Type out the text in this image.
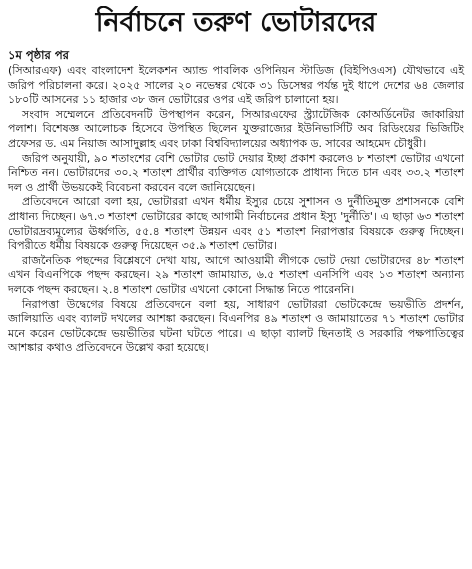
নির্বাচনে তরুণ ভোটারদের
১ম পৃষ্ঠার পর

(সিআরএফ) এবং বাংলাদেশ ইলেকশন অ্যান্ড পাবলিক ওপিনিয়ন স্টাডিজ (বিইপিওএস) যৌথভাবে এই জরিপ পরিচালনা করে। ২০২৫ সালের ২০ নভেম্বর থেকে ৩১ ডিসেম্বর পর্যন্ত দুই ধাপে দেশের ৬৪ জেলার ১৮০টি আসনের ১১ হাজার ৩৮ জন ভোটারের ওপর এই জরিপ চালানো হয়।

সংবাদ সম্মেলনে প্রতিবেদনটি উপস্থাপন করেন, সিআরএফের স্ট্র্যাটেজিক কোঅর্ডিনেটর জাকারিয়া পলাশ। বিশেষজ্ঞ আলোচক হিসেবে উপস্থিত ছিলেন যুক্তরাজ্যের ইউনিভার্সিটি অব রিডিংয়ের ভিজিটিং প্রফেসর ড. এম নিয়াজ আসাদুল্লাহ এবং ঢাকা বিশ্ববিদ্যালয়ের অধ্যাপক ড. সাবের আহমেদ চৌধুরী।

জরিপ অনুযায়ী, ৯০ শতাংশের বেশি ভোটার ভোট দেয়ার ইচ্ছা প্রকাশ করলেও ৮ শতাংশ ভোটার এখনো নিশ্চিত নন। ভোটারদের ৩০.২ শতাংশ প্রার্থীর ব্যক্তিগত যোগ্যতাকে প্রাধান্য দিতে চান এবং ৩৩.২ শতাংশ দল ও প্রার্থী উভয়কেই বিবেচনা করবেন বলে জানিয়েছেন।

প্রতিবেদনে আরো বলা হয়, ভোটাররা এখন ধর্মীয় ইস্যুর চেয়ে সুশাসন ও দুর্নীতিমুক্ত প্রশাসনকে বেশি প্রাধান্য দিচ্ছেন। ৬৭.৩ শতাংশ ভোটারের কাছে আগামী নির্বাচনের প্রধান ইস্যু 'দুর্নীতি'। এ ছাড়া ৬৩ শতাংশ ভোটারদ্রব্যমূল্যের ঊর্ধ্বগতি, ৫৫.৪ শতাংশ উন্নয়ন এবং ৫১ শতাংশ নিরাপত্তার বিষয়কে গুরুত্ব দিচ্ছেন। বিপরীতে ধর্মীয় বিষয়কে গুরুত্ব দিয়েছেন ৩৫.৯ শতাংশ ভোটার।

রাজনৈতিক পছন্দের বিশ্লেষণে দেখা যায়, আগে আওয়ামী লীগকে ভোট দেয়া ভোটারদের ৪৮ শতাংশ এখন বিএনপিকে পছন্দ করছেন। ২৯ শতাংশ জামায়াত, ৬.৫ শতাংশ এনসিপি এবং ১৩ শতাংশ অন্যান্য দলকে পছন্দ করছেন। ২.৪ শতাংশ ভোটার এখনো কোনো সিদ্ধান্ত নিতে পারেননি।

নিরাপত্তা উদ্বেগের বিষয়ে প্রতিবেদনে বলা হয়, সাধারণ ভোটাররা ভোটকেন্দ্রে ভয়ভীতি প্রদর্শন, জালিয়াতি এবং ব্যালট দখলের আশঙ্কা করছেন। বিএনপির ৪৯ শতাংশ ও জামায়াতের ৭১ শতাংশ ভোটার মনে করেন ভোটকেন্দ্রে ভয়ভীতির ঘটনা ঘটতে পারে। এ ছাড়া ব্যালট ছিনতাই ও সরকারি পক্ষপাতিত্বের আশঙ্কার কথাও প্রতিবেদনে উল্লেখ করা হয়েছে।
